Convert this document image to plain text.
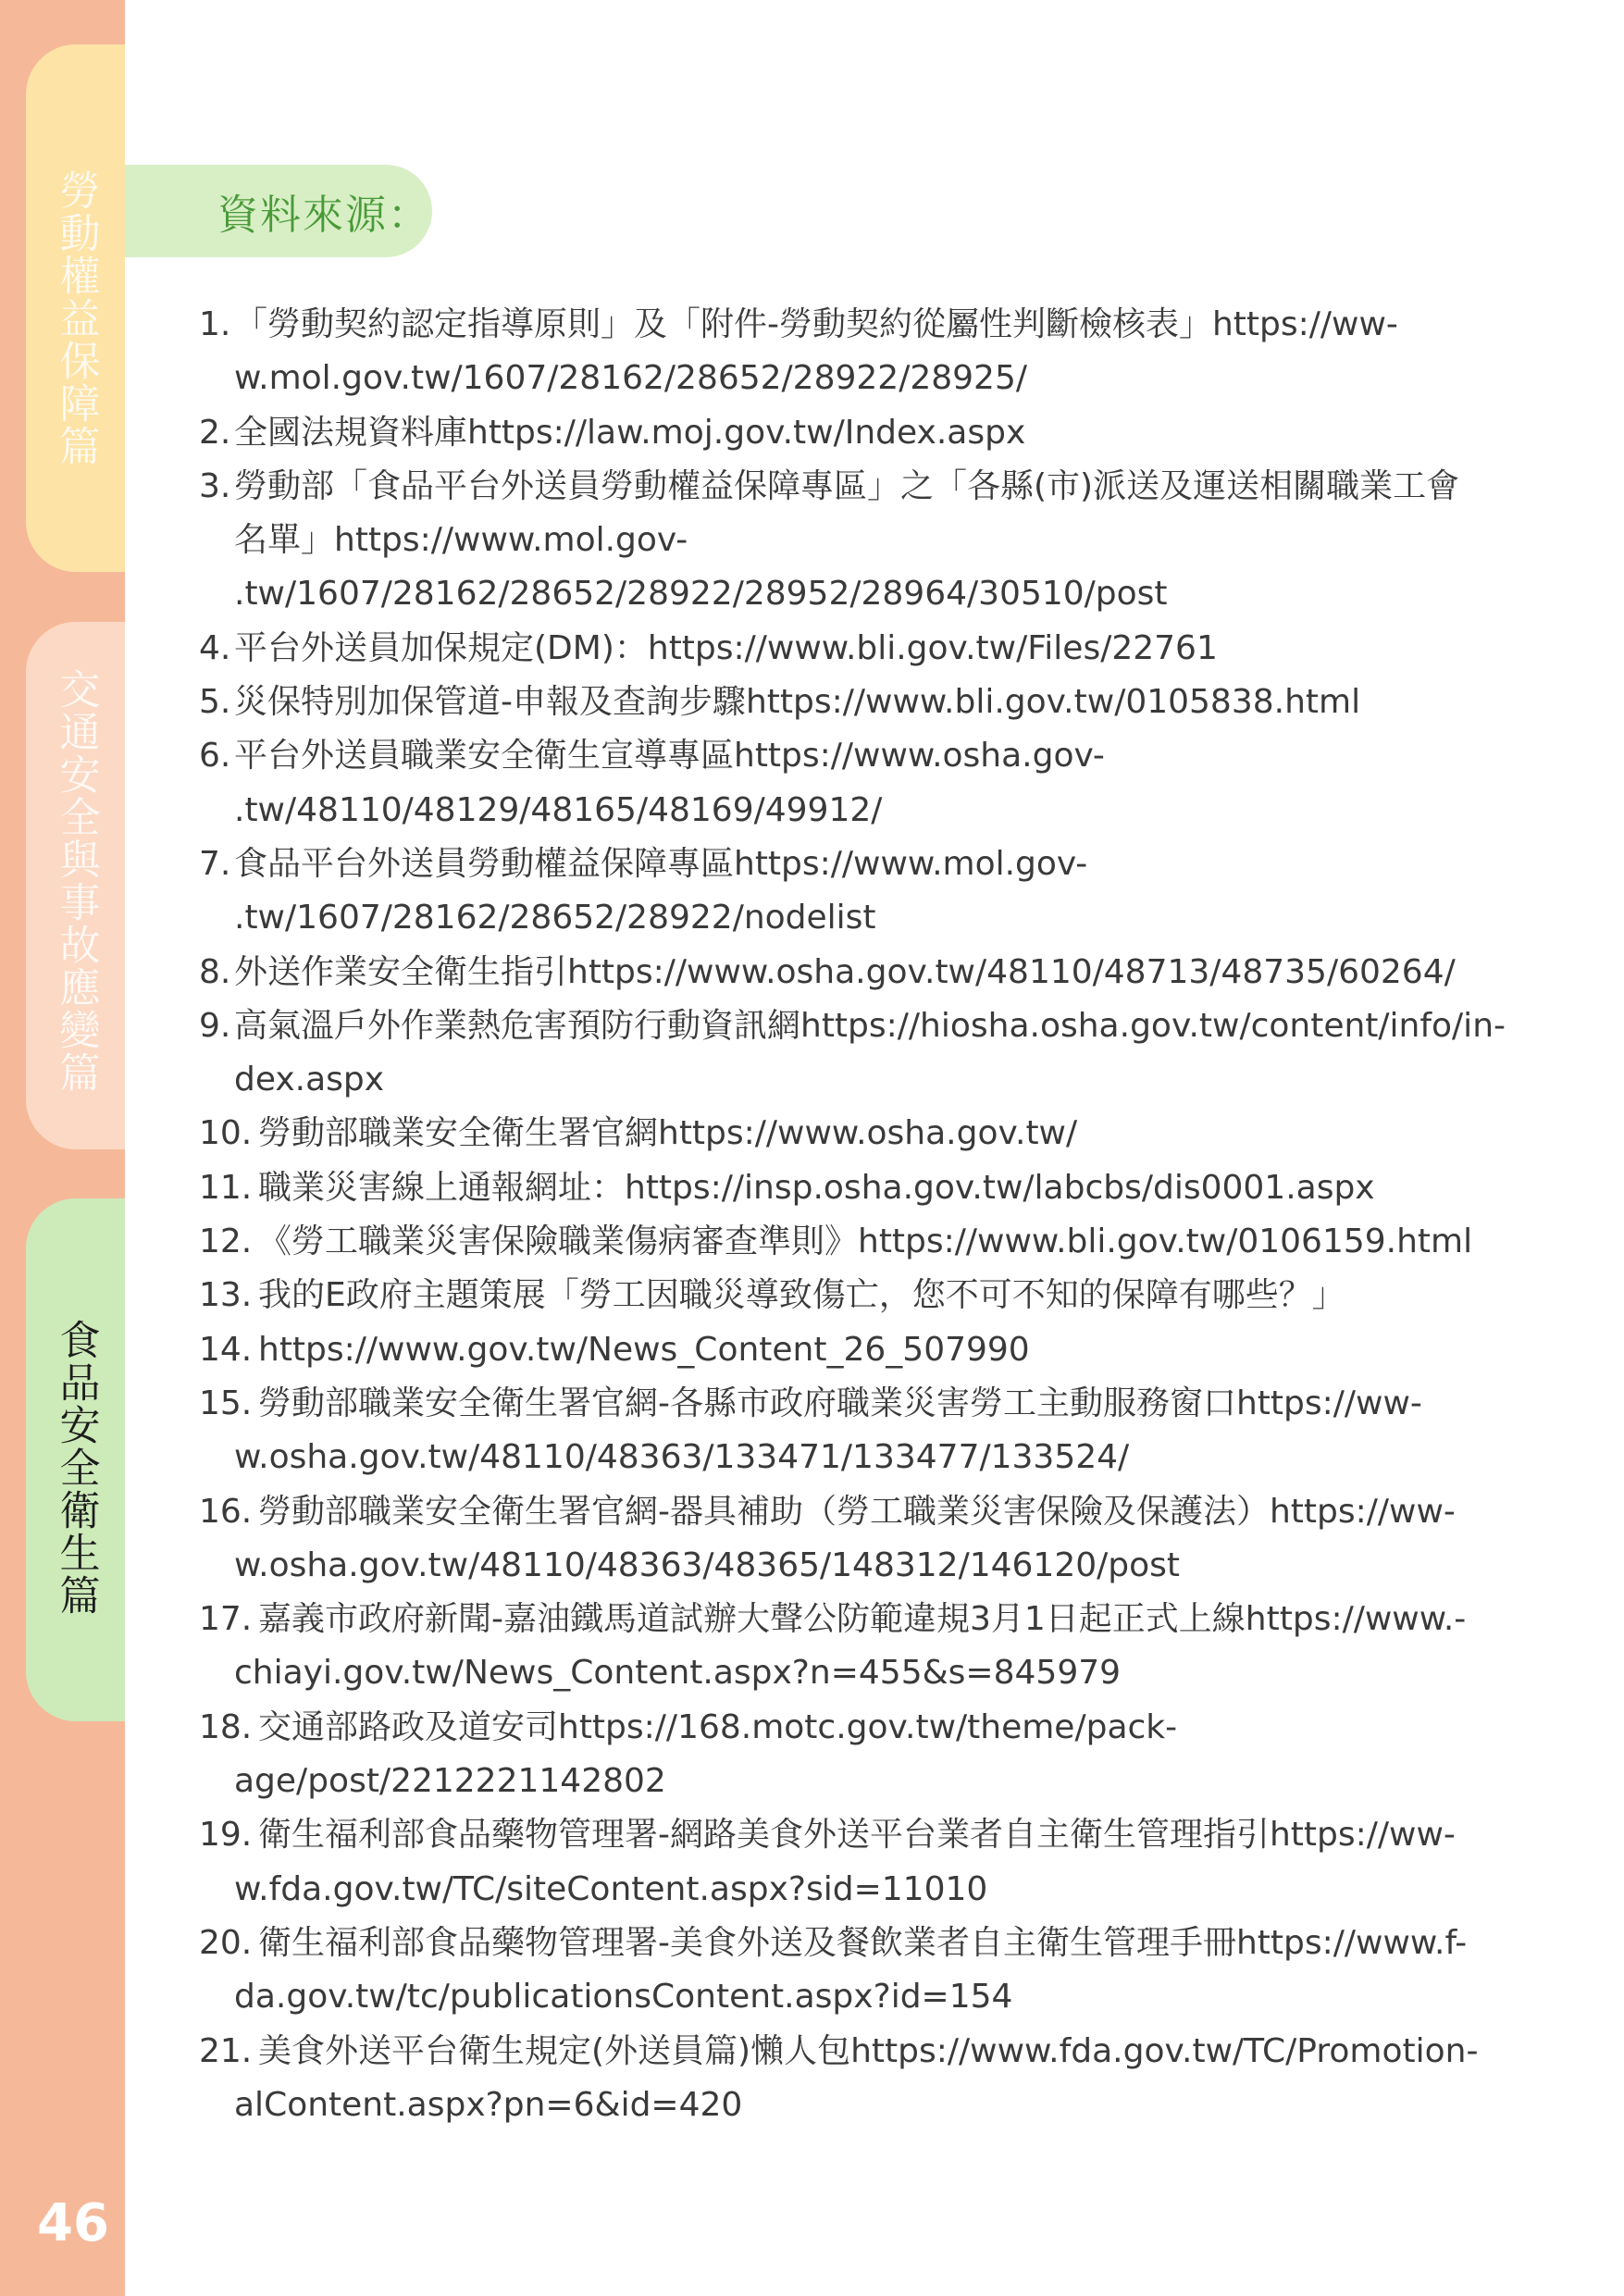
勞動權益保障篇
交通安全與事故應變篇
食品安全衛生篇
46
資料來源：
1. 「勞動契約認定指導原則」及「附件-勞動契約從屬性判斷檢核表」https://ww-
w.mol.gov.tw/1607/28162/28652/28922/28925/
2. 全國法規資料庫https://law.moj.gov.tw/Index.aspx
3. 勞動部「食品平台外送員勞動權益保障專區」之「各縣(市)派送及運送相關職業工會
名單」https://www.mol.gov-
.tw/1607/28162/28652/28922/28952/28964/30510/post
4. 平台外送員加保規定(DM)：https://www.bli.gov.tw/Files/22761
5. 災保特別加保管道-申報及查詢步驟https://www.bli.gov.tw/0105838.html
6. 平台外送員職業安全衛生宣導專區https://www.osha.gov-
.tw/48110/48129/48165/48169/49912/
7. 食品平台外送員勞動權益保障專區https://www.mol.gov-
.tw/1607/28162/28652/28922/nodelist
8. 外送作業安全衛生指引https://www.osha.gov.tw/48110/48713/48735/60264/
9. 高氣溫戶外作業熱危害預防行動資訊網https://hiosha.osha.gov.tw/content/info/in-
dex.aspx
10. 勞動部職業安全衛生署官網https://www.osha.gov.tw/
11. 職業災害線上通報網址：https://insp.osha.gov.tw/labcbs/dis0001.aspx
12. 《勞工職業災害保險職業傷病審查準則》https://www.bli.gov.tw/0106159.html
13. 我的E政府主題策展「勞工因職災導致傷亡，您不可不知的保障有哪些？」
14. https://www.gov.tw/News_Content_26_507990
15. 勞動部職業安全衛生署官網-各縣市政府職業災害勞工主動服務窗口https://ww-
w.osha.gov.tw/48110/48363/133471/133477/133524/
16. 勞動部職業安全衛生署官網-器具補助（勞工職業災害保險及保護法）https://ww-
w.osha.gov.tw/48110/48363/48365/148312/146120/post
17. 嘉義市政府新聞-嘉油鐵馬道試辦大聲公防範違規3月1日起正式上線https://www.-
chiayi.gov.tw/News_Content.aspx?n=455&s=845979
18. 交通部路政及道安司https://168.motc.gov.tw/theme/pack-
age/post/2212221142802
19. 衛生福利部食品藥物管理署-網路美食外送平台業者自主衛生管理指引https://ww-
w.fda.gov.tw/TC/siteContent.aspx?sid=11010
20. 衛生福利部食品藥物管理署-美食外送及餐飲業者自主衛生管理手冊https://www.f-
da.gov.tw/tc/publicationsContent.aspx?id=154
21. 美食外送平台衛生規定(外送員篇)懶人包https://www.fda.gov.tw/TC/Promotion-
alContent.aspx?pn=6&id=420
